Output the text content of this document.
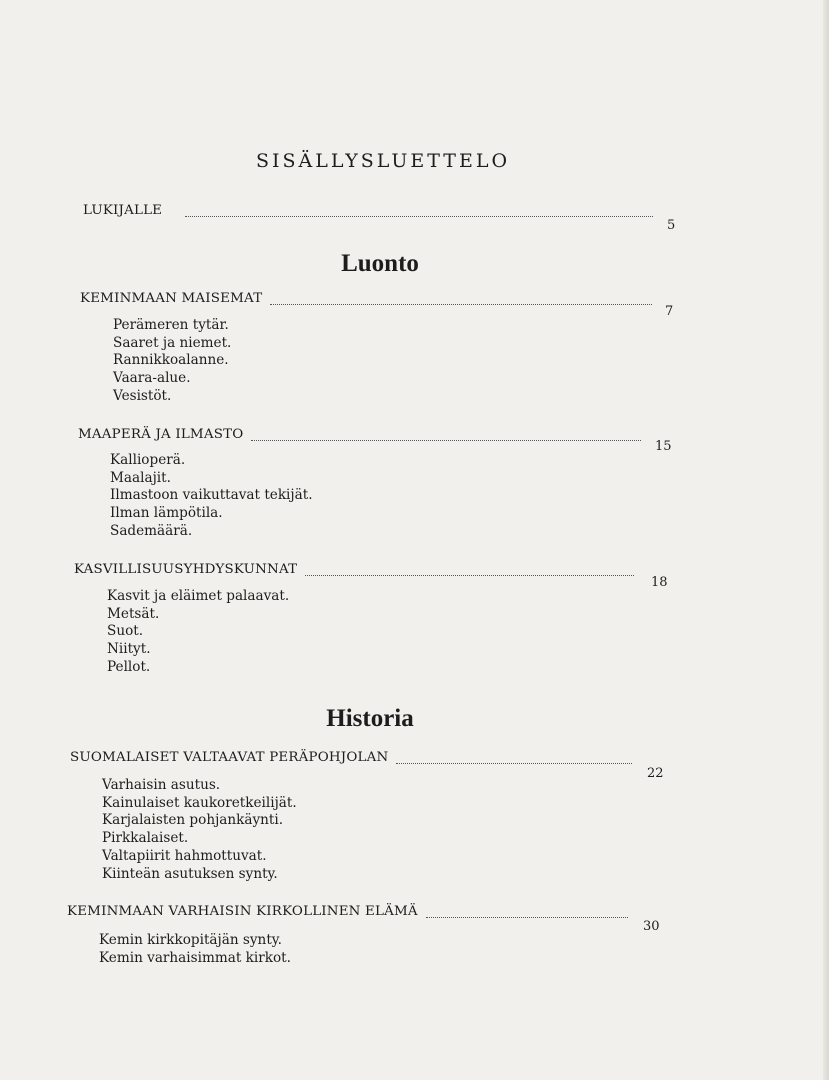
SISÄLLYSLUETTELO
LUKIJALLE
5
Luonto
KEMINMAAN MAISEMAT
7
Perämeren tytär.
Saaret ja niemet.
Rannikkoalanne.
Vaara-alue.
Vesistöt.
MAAPERÄ JA ILMASTO
15
Kallioperä.
Maalajit.
Ilmastoon vaikuttavat tekijät.
Ilman lämpötila.
Sademäärä.
KASVILLISUUSYHDYSKUNNAT
18
Kasvit ja eläimet palaavat.
Metsät.
Suot.
Niityt.
Pellot.
Historia
SUOMALAISET VALTAAVAT PERÄPOHJOLAN
22
Varhaisin asutus.
Kainulaiset kaukoretkeilijät.
Karjalaisten pohjankäynti.
Pirkkalaiset.
Valtapiirit hahmottuvat.
Kiinteän asutuksen synty.
KEMINMAAN VARHAISIN KIRKOLLINEN ELÄMÄ
30
Kemin kirkkopitäjän synty.
Kemin varhaisimmat kirkot.
